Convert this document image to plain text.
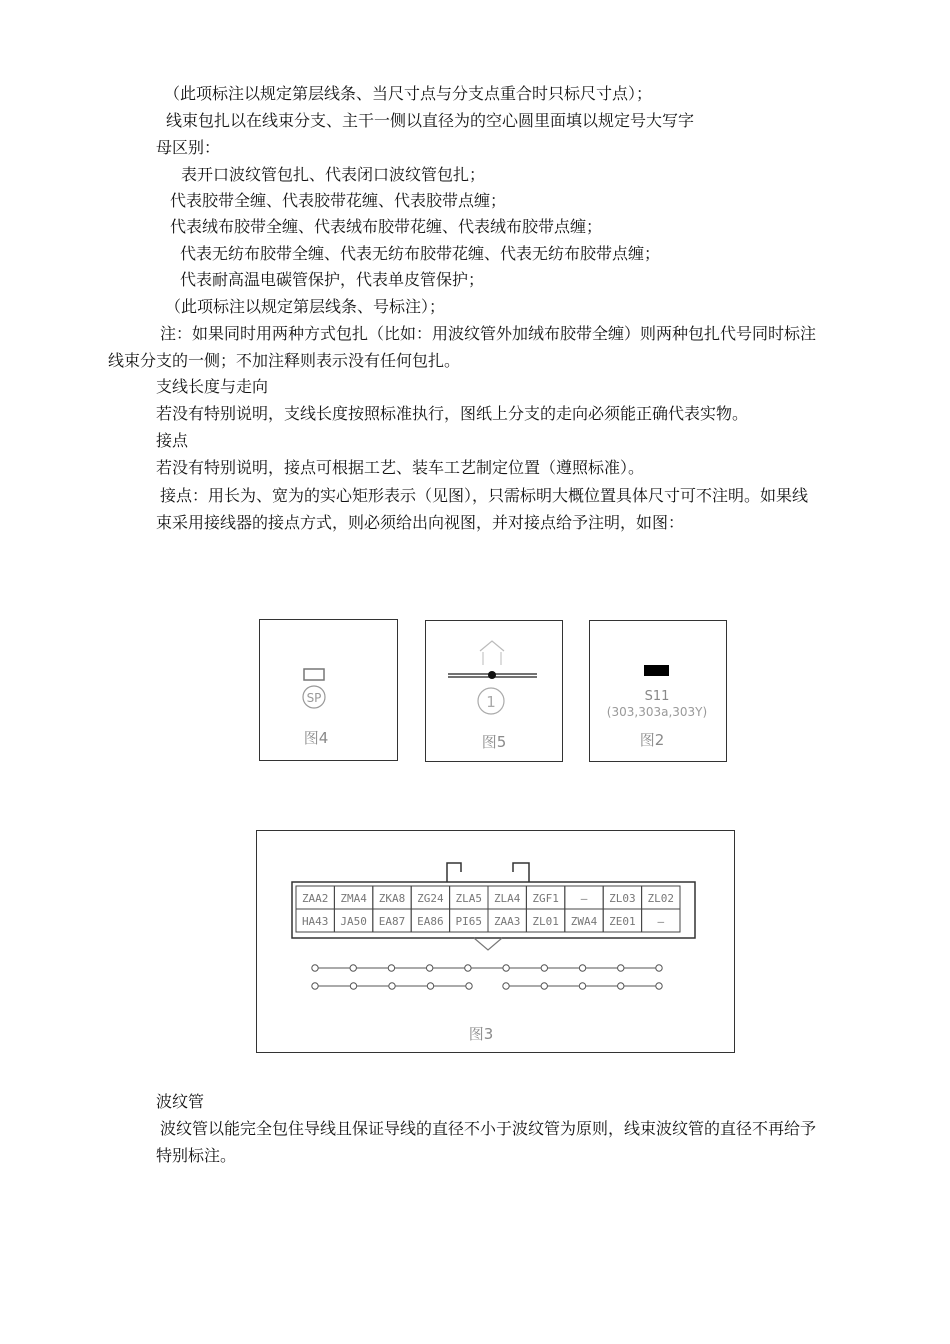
（此项标注以规定第层线条、当尺寸点与分支点重合时只标尺寸点）；
线束包扎以在线束分支、主干一侧以直径为的空心圆里面填以规定号大写字
母区别：
表开口波纹管包扎、代表闭口波纹管包扎；
代表胶带全缠、代表胶带花缠、代表胶带点缠；
代表绒布胶带全缠、代表绒布胶带花缠、代表绒布胶带点缠；
代表无纺布胶带全缠、代表无纺布胶带花缠、代表无纺布胶带点缠；
代表耐高温电碳管保护，代表单皮管保护；
（此项标注以规定第层线条、号标注）；
注：如果同时用两种方式包扎（比如：用波纹管外加绒布胶带全缠）则两种包扎代号同时标注
线束分支的一侧；不加注释则表示没有任何包扎。
支线长度与走向
若没有特别说明，支线长度按照标准执行，图纸上分支的走向必须能正确代表实物。
接点
若没有特别说明，接点可根据工艺、装车工艺制定位置（遵照标准）。
接点：用长为、宽为的实心矩形表示（见图），只需标明大概位置具体尺寸可不注明。如果线
束采用接线器的接点方式，则必须给出向视图，并对接点给予注明，如图：
SP
图4
1
图5
S11
(303,303a,303Y)
图2
ZAA2 ZMA4 ZKA8 ZG24 ZLA5 ZLA4 ZGF1 — ZL03 ZL02
HA43 JA50 EA87 EA86 PI65 ZAA3 ZL01 ZWA4 ZE01 —
图3
波纹管
波纹管以能完全包住导线且保证导线的直径不小于波纹管为原则，线束波纹管的直径不再给予
特别标注。
